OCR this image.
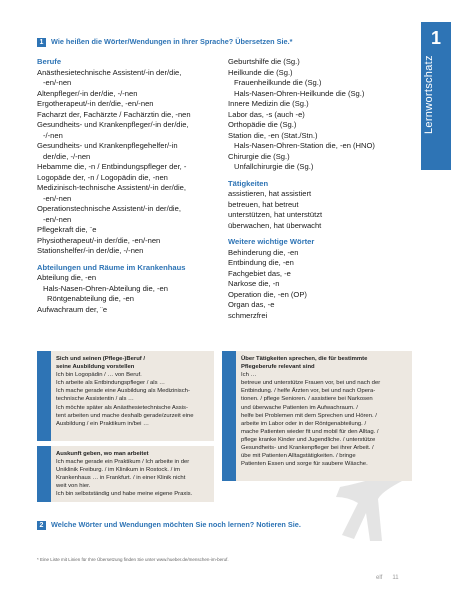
1
Lernwortschatz
1 Wie heißen die Wörter/Wendungen in Ihrer Sprache? Übersetzen Sie.*
Berufe
Anästhesietechnische Assistent/-in der/die,
-en/-nen
Altenpfleger/-in der/die, -/-nen
Ergotherapeut/-in der/die, -en/-nen
Facharzt der, Fachärzte / Fachärztin die, -nen
Gesundheits- und Krankenpfleger/-in der/die,
-/-nen
Gesundheits- und Krankenpflegehelfer/-in
der/die, -/-nen
Hebamme die, -n / Entbindungspfleger der, -
Logopäde der, -n / Logopädin die, -nen
Medizinisch-technische Assistent/-in der/die,
-en/-nen
Operationstechnische Assistent/-in der/die,
-en/-nen
Pflegekraft die, ¨e
Physiotherapeut/-in der/die, -en/-nen
Stationshelfer/-in der/die, -/-nen
Abteilungen und Räume im Krankenhaus
Abteilung die, -en
Hals-Nasen-Ohren-Abteilung die, -en
Röntgenabteilung die, -en
Aufwachraum der, ¨e
Geburtshilfe die (Sg.)
Heilkunde die (Sg.)
Frauenheilkunde die (Sg.)
Hals-Nasen-Ohren-Heilkunde die (Sg.)
Innere Medizin die (Sg.)
Labor das, -s (auch -e)
Orthopädie die (Sg.)
Station die, -en (Stat./Stn.)
Hals-Nasen-Ohren-Station die, -en (HNO)
Chirurgie die (Sg.)
Unfallchirurgie die (Sg.)
Tätigkeiten
assistieren, hat assistiert
betreuen, hat betreut
unterstützen, hat unterstützt
überwachen, hat überwacht
Weitere wichtige Wörter
Behinderung die, -en
Entbindung die, -en
Fachgebiet das, -e
Narkose die, -n
Operation die, -en (OP)
Organ das, -e
schmerzfrei
KOMMUNIKATION
Sich und seinen (Pflege-)Beruf /
seine Ausbildung vorstellen
Ich bin Logopädin / … von Beruf.
Ich arbeite als Entbindungspfleger / als …
Ich mache gerade eine Ausbildung als Medizinisch-
technische Assistentin / als …
Ich möchte später als Anästhesietechnische Assis-
tent arbeiten und mache deshalb gerade/zurzeit eine
Ausbildung / ein Praktikum in/bei …
KOMMUNIKATION
Auskunft geben, wo man arbeitet
Ich mache gerade ein Praktikum / Ich arbeite in der
Uniklinik Freiburg. / im Klinikum in Rostock. / im
Krankenhaus … in Frankfurt. / in einer Klinik nicht
weit von hier.
Ich bin selbstständig und habe meine eigene Praxis.
KOMMUNIKATION
Über Tätigkeiten sprechen, die für bestimmte
Pflegeberufe relevant sind
Ich …
betreue und unterstütze Frauen vor, bei und nach der
Entbindung. / helfe Ärzten vor, bei und nach Opera-
tionen. / pflege Senioren. / assistiere bei Narkosen
und überwache Patienten im Aufwachraum. /
helfe bei Problemen mit dem Sprechen und Hören. /
arbeite im Labor oder in der Röntgenabteilung. /
mache Patienten wieder fit und mobil für den Alltag. /
pflege kranke Kinder und Jugendliche. / unterstütze
Gesundheits- und Krankenpfleger bei ihrer Arbeit. /
übe mit Patienten Alltagstätigkeiten. / bringe
Patienten Essen und sorge für saubere Wäsche.
2 Welche Wörter und Wendungen möchten Sie noch lernen? Notieren Sie.
* Eine Liste mit Linien für Ihre Übersetzung finden Sie unter www.hueber.de/menschen-im-beruf.
elf 11
